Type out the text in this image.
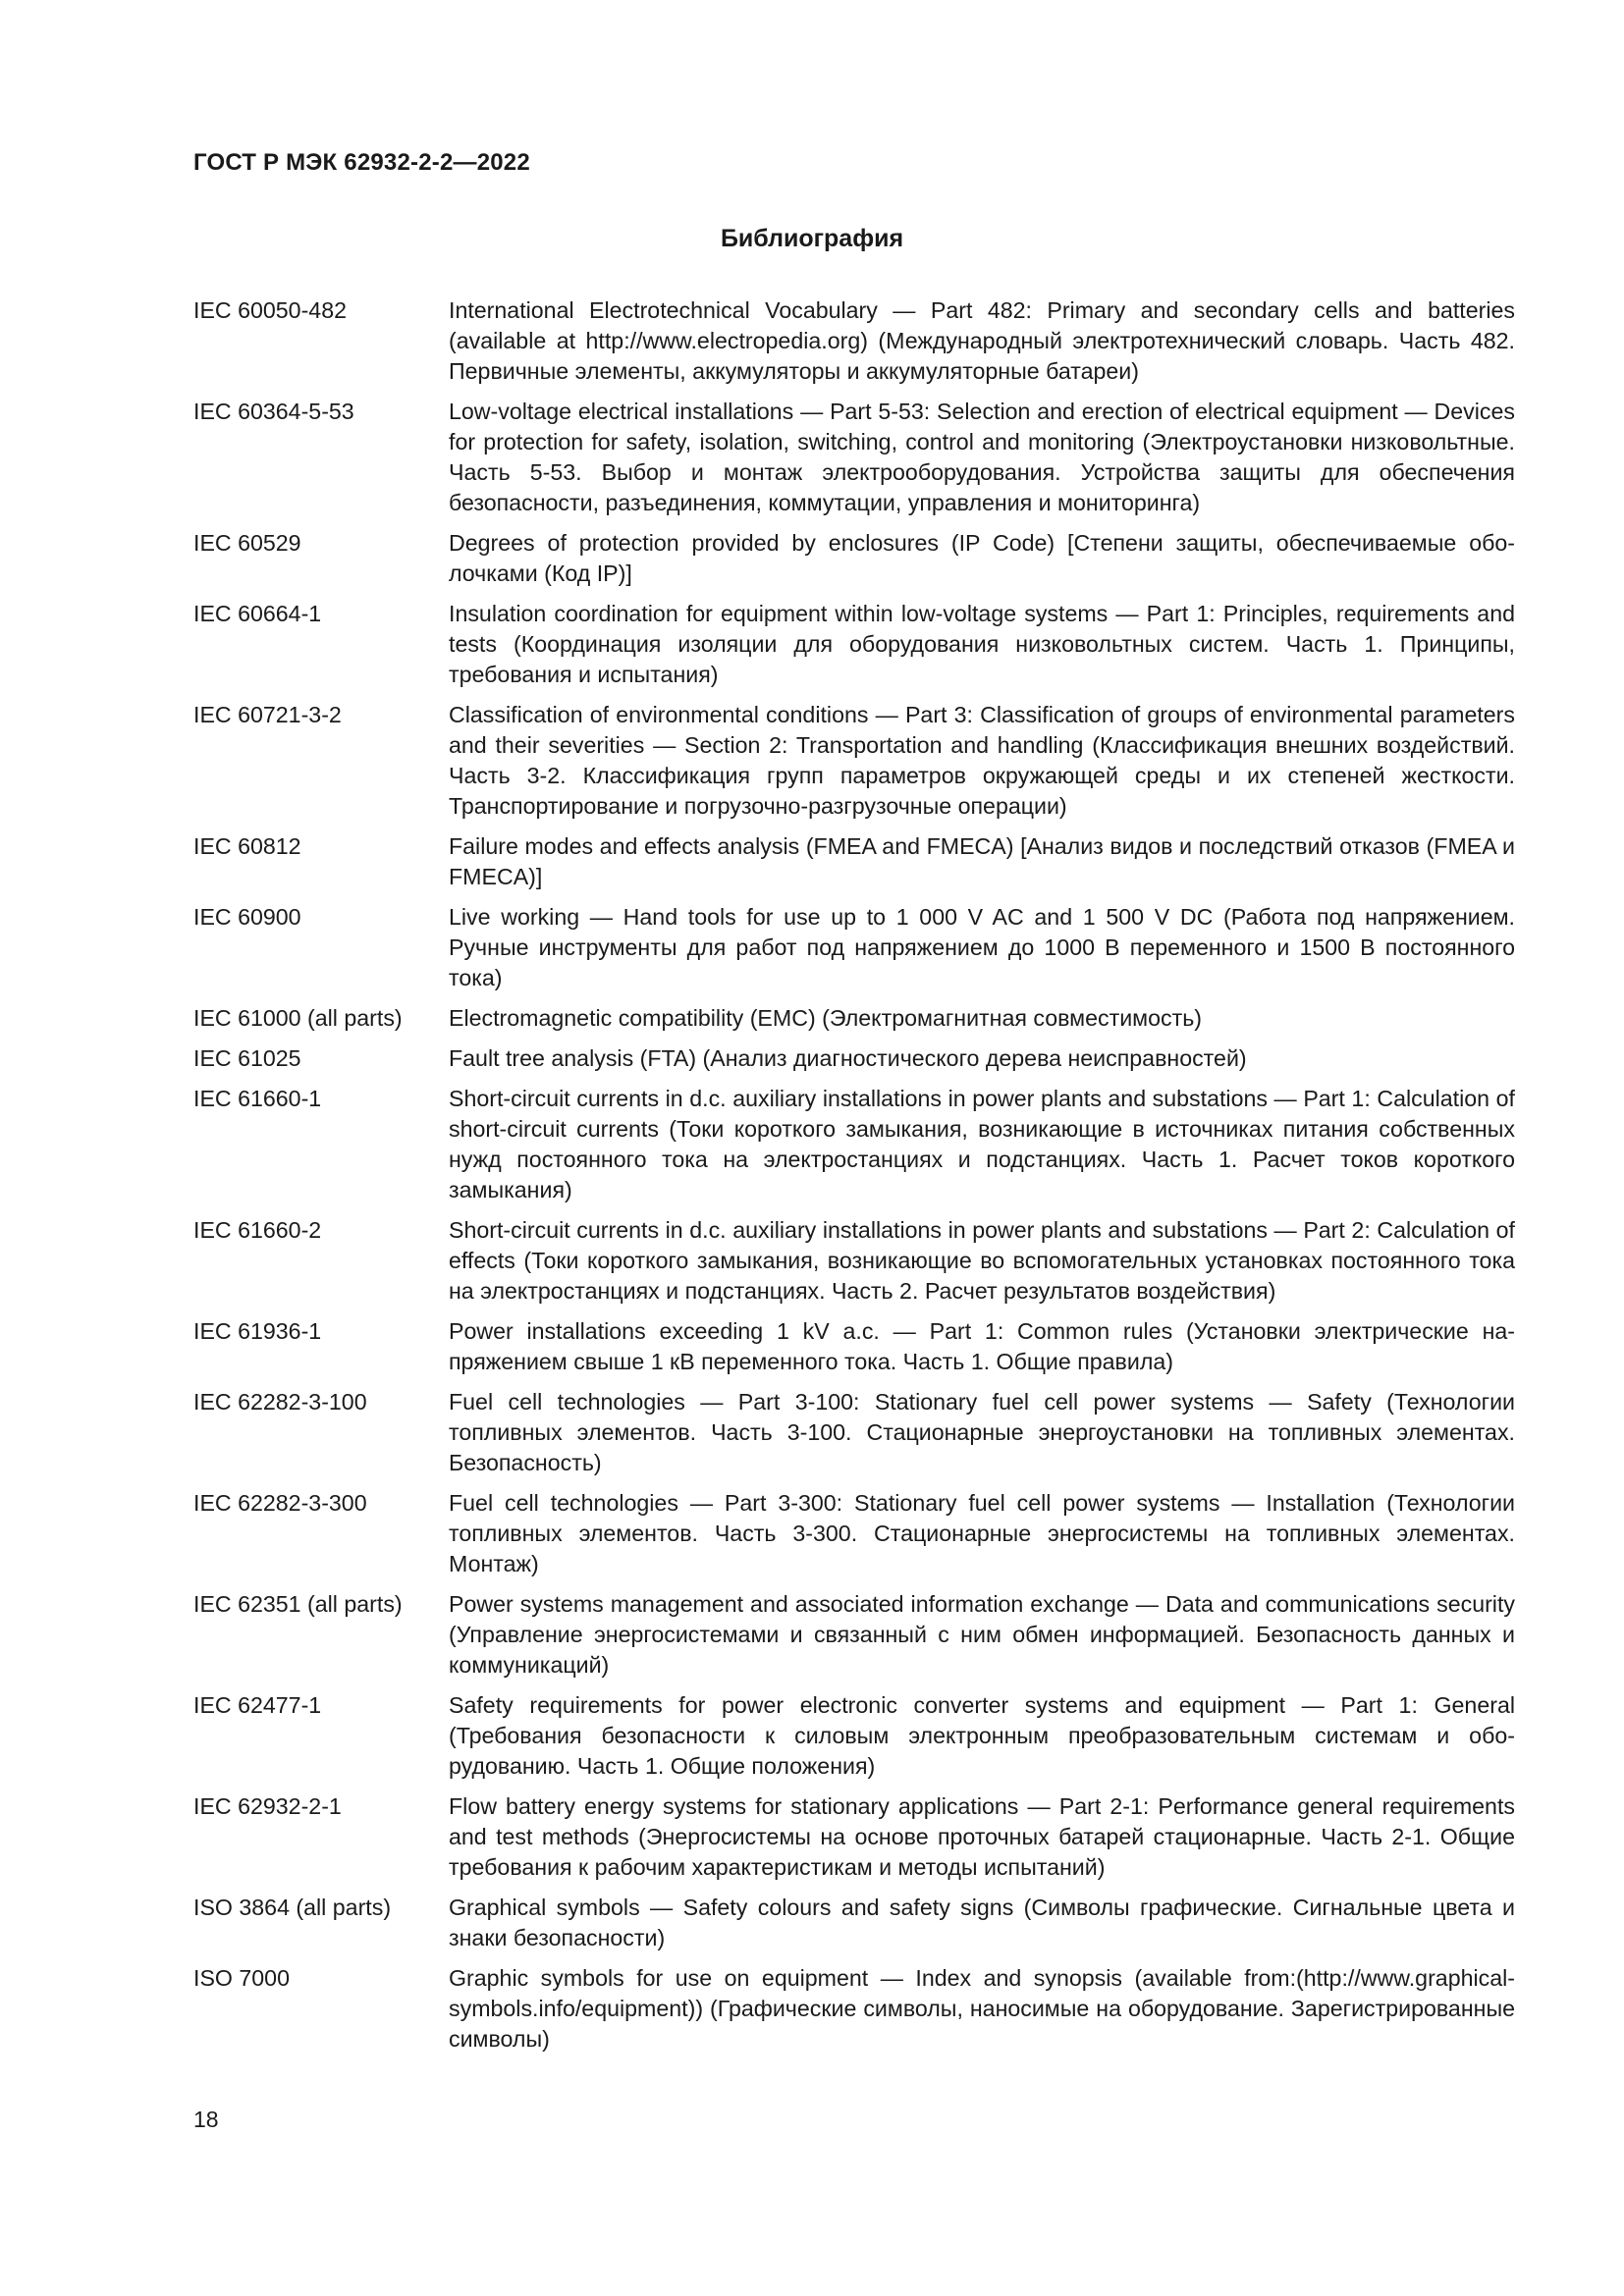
ГОСТ Р МЭК 62932-2-2—2022
Библиография
IEC 60050-482	International Electrotechnical Vocabulary — Part 482: Primary and secondary cells and batteries (available at http://www.electropedia.org) (Международный электротехнический словарь. Часть 482. Первичные элементы, аккумуляторы и аккумуляторные батареи)
IEC 60364-5-53	Low-voltage electrical installations — Part 5-53: Selection and erection of electrical equipment — Devices for protection for safety, isolation, switching, control and monitoring (Электроустановки низковольтные. Часть 5-53. Выбор и монтаж электрооборудования. Устройства защиты для обеспечения безопасности, разъединения, коммутации, управления и мониторинга)
IEC 60529	Degrees of protection provided by enclosures (IP Code) [Степени защиты, обеспечиваемые оболочками (Код IP)]
IEC 60664-1	Insulation coordination for equipment within low-voltage systems — Part 1: Principles, requirements and tests (Координация изоляции для оборудования низковольтных систем. Часть 1. Принципы, требования и испытания)
IEC 60721-3-2	Classification of environmental conditions — Part 3: Classification of groups of environmental parameters and their severities — Section 2: Transportation and handling (Классификация внешних воздействий. Часть 3-2. Классификация групп параметров окружающей среды и их степеней жесткости. Транспортирование и погрузочно-разгрузочные операции)
IEC 60812	Failure modes and effects analysis (FMEA and FMECA) [Анализ видов и последствий отказов (FMEA и FMECA)]
IEC 60900	Live working — Hand tools for use up to 1 000 V AC and 1 500 V DC (Работа под напряжением. Ручные инструменты для работ под напряжением до 1000 В переменного и 1500 В постоянного тока)
IEC 61000 (all parts)	Electromagnetic compatibility (EMC) (Электромагнитная совместимость)
IEC 61025	Fault tree analysis (FTA) (Анализ диагностического дерева неисправностей)
IEC 61660-1	Short-circuit currents in d.c. auxiliary installations in power plants and substations — Part 1: Calculation of short-circuit currents (Токи короткого замыкания, возникающие в источниках питания собственных нужд постоянного тока на электростанциях и подстанциях. Часть 1. Расчет токов короткого замыкания)
IEC 61660-2	Short-circuit currents in d.c. auxiliary installations in power plants and substations — Part 2: Calculation of effects (Токи короткого замыкания, возникающие во вспомогательных установках постоянного тока на электростанциях и подстанциях. Часть 2. Расчет результатов воздействия)
IEC 61936-1	Power installations exceeding 1 kV a.c. — Part 1: Common rules (Установки электрические напряжением свыше 1 кВ переменного тока. Часть 1. Общие правила)
IEC 62282-3-100	Fuel cell technologies — Part 3-100: Stationary fuel cell power systems — Safety (Технологии топливных элементов. Часть 3-100. Стационарные энергоустановки на топливных элементах. Безопасность)
IEC 62282-3-300	Fuel cell technologies — Part 3-300: Stationary fuel cell power systems — Installation (Технологии топливных элементов. Часть 3-300. Стационарные энергосистемы на топливных элементах. Монтаж)
IEC 62351 (all parts)	Power systems management and associated information exchange — Data and communications security (Управление энергосистемами и связанный с ним обмен информацией. Безопасность данных и коммуникаций)
IEC 62477-1	Safety requirements for power electronic converter systems and equipment — Part 1: General (Требования безопасности к силовым электронным преобразовательным системам и оборудованию. Часть 1. Общие положения)
IEC 62932-2-1	Flow battery energy systems for stationary applications — Part 2-1: Performance general requirements and test methods (Энергосистемы на основе проточных батарей стационарные. Часть 2-1. Общие требования к рабочим характеристикам и методы испытаний)
ISO 3864 (all parts)	Graphical symbols — Safety colours and safety signs (Символы графические. Сигнальные цвета и знаки безопасности)
ISO 7000	Graphic symbols for use on equipment — Index and synopsis (available from:(http://www.graphical-symbols.info/equipment)) (Графические символы, наносимые на оборудование. Зарегистрированные символы)
18
